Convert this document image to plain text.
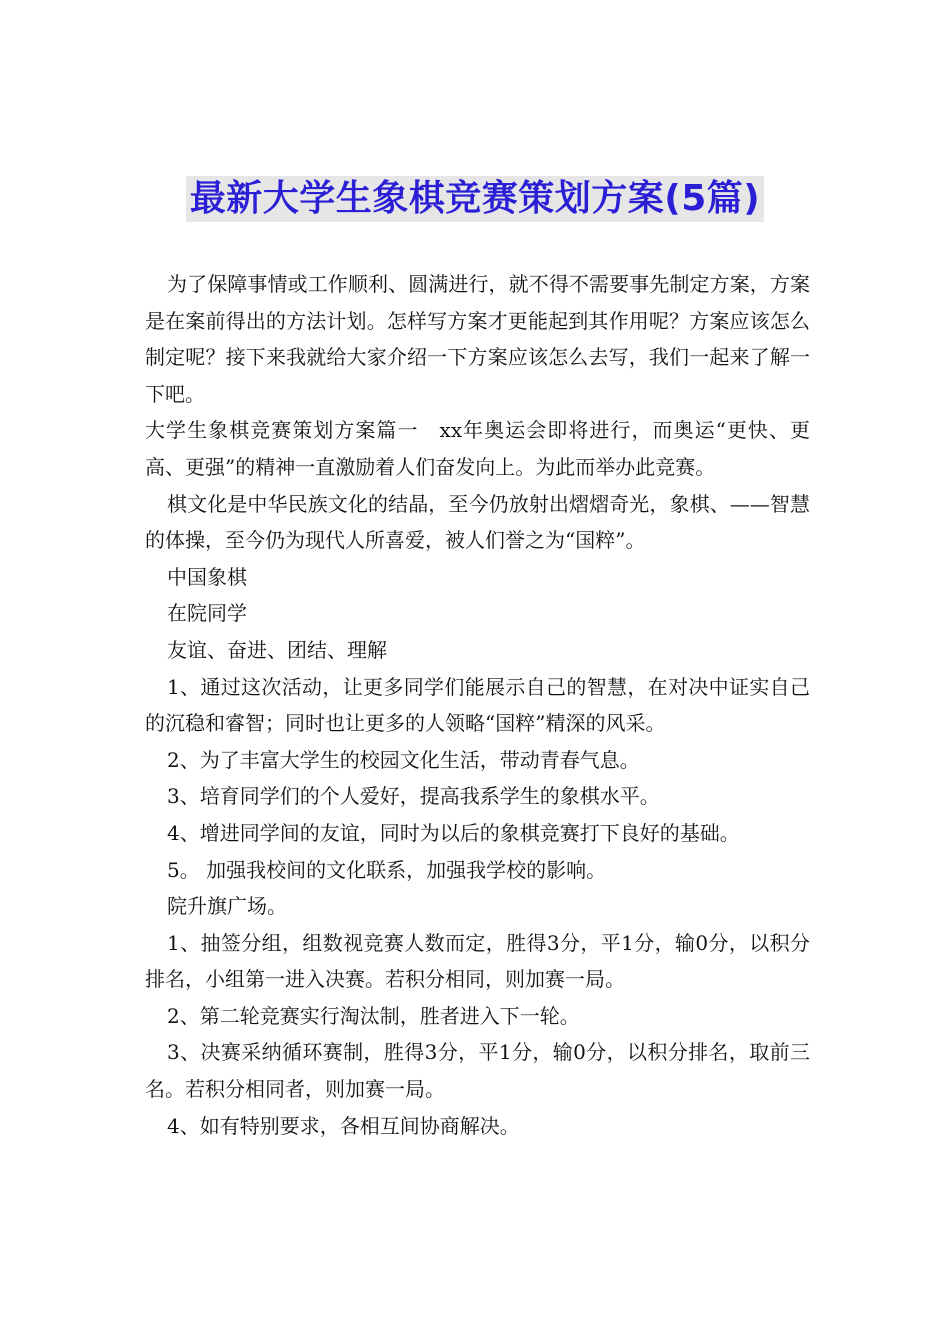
最新大学生象棋竞赛策划方案(5篇)

为了保障事情或工作顺利、圆满进行，就不得不需要事先制定方案，方案是在案前得出的方法计划。怎样写方案才更能起到其作用呢？方案应该怎么制定呢？接下来我就给大家介绍一下方案应该怎么去写，我们一起来了解一下吧。

大学生象棋竞赛策划方案篇一　xx年奥运会即将进行，而奥运“更快、更高、更强”的精神一直激励着人们奋发向上。为此而举办此竞赛。

棋文化是中华民族文化的结晶，至今仍放射出熠熠奇光，象棋、——智慧的体操，至今仍为现代人所喜爱，被人们誉之为“国粹”。

中国象棋

在院同学

友谊、奋进、团结、理解

1、通过这次活动，让更多同学们能展示自己的智慧，在对决中证实自己的沉稳和睿智；同时也让更多的人领略“国粹”精深的风采。

2、为了丰富大学生的校园文化生活，带动青春气息。

3、培育同学们的个人爱好，提高我系学生的象棋水平。

4、增进同学间的友谊，同时为以后的象棋竞赛打下良好的基础。

5。 加强我校间的文化联系，加强我学校的影响。

院升旗广场。

1、抽签分组，组数视竞赛人数而定，胜得3分，平1分，输0分，以积分排名，小组第一进入决赛。若积分相同，则加赛一局。

2、第二轮竞赛实行淘汰制，胜者进入下一轮。

3、决赛采纳循环赛制，胜得3分，平1分，输0分，以积分排名，取前三名。若积分相同者，则加赛一局。

4、如有特别要求，各相互间协商解决。
